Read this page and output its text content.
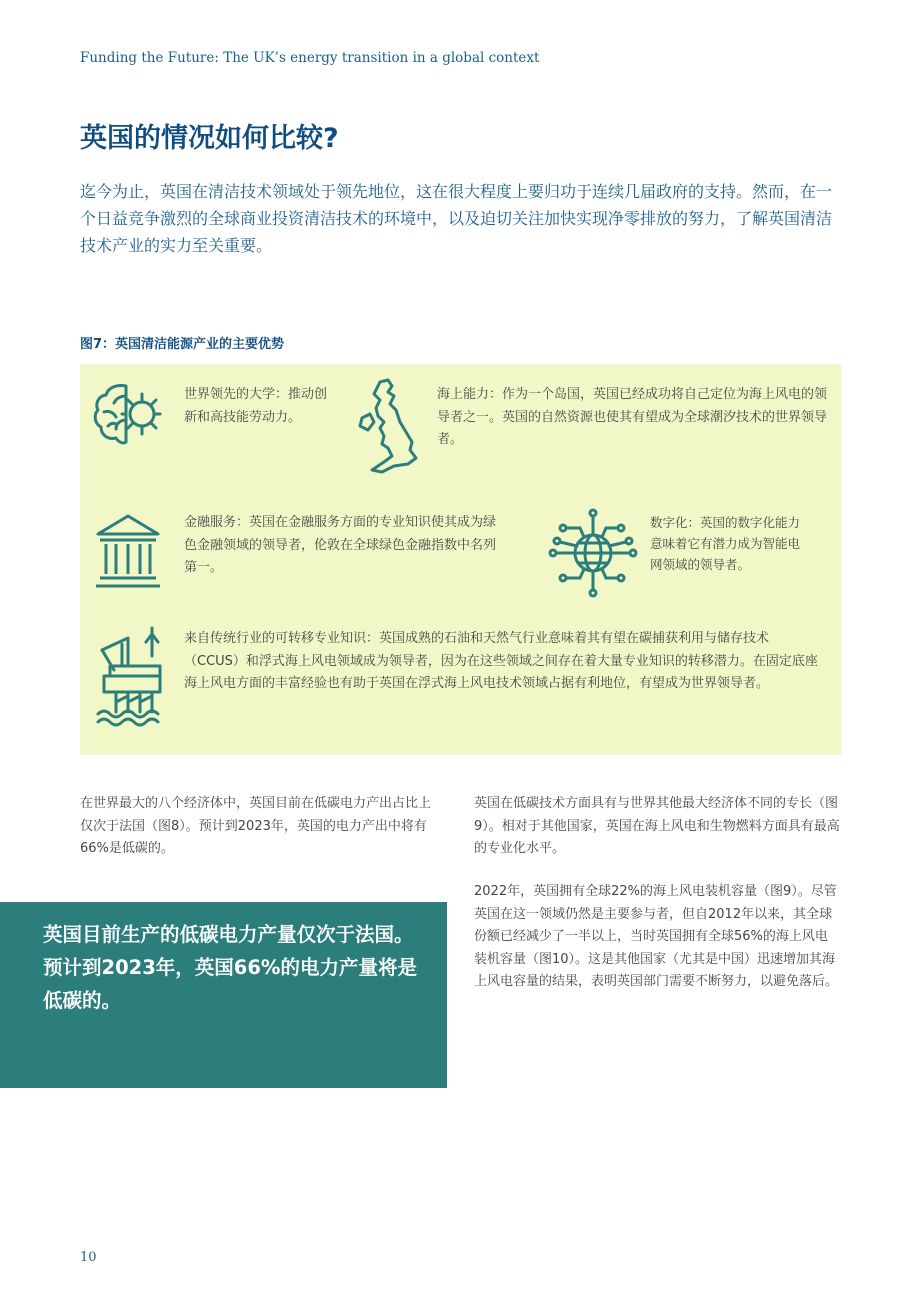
Funding the Future: The UK’s energy transition in a global context
英国的情况如何比较?

迄今为止，英国在清洁技术领域处于领先地位，这在很大程度上要归功于连续几届政府的支持。然而，在一个日益竞争激烈的全球商业投资清洁技术的环境中，以及迫切关注加快实现净零排放的努力，了解英国清洁技术产业的实力至关重要。

图7：英国清洁能源产业的主要优势

世界领先的大学：推动创新和高技能劳动力。

海上能力：作为一个岛国，英国已经成功将自己定位为海上风电的领导者之一。英国的自然资源也使其有望成为全球潮汐技术的世界领导者。

金融服务：英国在金融服务方面的专业知识使其成为绿色金融领域的领导者，伦敦在全球绿色金融指数中名列第一。

数字化：英国的数字化能力意味着它有潜力成为智能电网领域的领导者。

来自传统行业的可转移专业知识：英国成熟的石油和天然气行业意味着其有望在碳捕获利用与储存技术（CCUS）和浮式海上风电领域成为领导者，因为在这些领域之间存在着大量专业知识的转移潜力。在固定底座海上风电方面的丰富经验也有助于英国在浮式海上风电技术领域占据有利地位，有望成为世界领导者。

在世界最大的八个经济体中，英国目前在低碳电力产出占比上仅次于法国（图8）。预计到2023年，英国的电力产出中将有66%是低碳的。

英国在低碳技术方面具有与世界其他最大经济体不同的专长（图9）。相对于其他国家，英国在海上风电和生物燃料方面具有最高的专业化水平。

2022年，英国拥有全球22%的海上风电装机容量（图9）。尽管英国在这一领域仍然是主要参与者，但自2012年以来，其全球份额已经减少了一半以上，当时英国拥有全球56%的海上风电装机容量（图10）。这是其他国家（尤其是中国）迅速增加其海上风电容量的结果，表明英国部门需要不断努力，以避免落后。

英国目前生产的低碳电力产量仅次于法国。预计到2023年，英国66%的电力产量将是低碳的。

10
